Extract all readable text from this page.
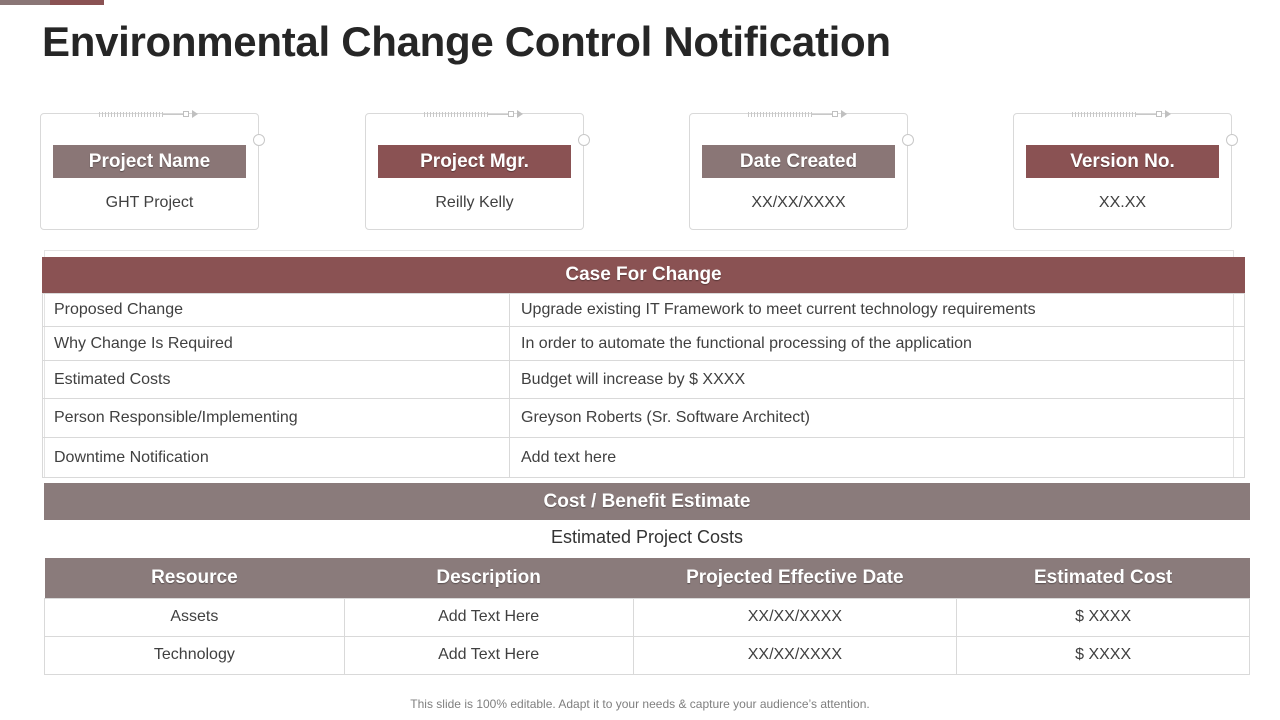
Environmental Change Control Notification
Project Name
GHT Project
Project Mgr.
Reilly Kelly
Date Created
XX/XX/XXXX
Version No.
XX.XX
Case For Change
Proposed Change	Upgrade existing IT Framework to meet current technology requirements
Why Change Is Required	In order to automate the functional processing of the application
Estimated Costs	Budget will increase by $ XXXX
Person Responsible/Implementing	Greyson Roberts (Sr. Software Architect)
Downtime Notification	Add text here
Cost / Benefit Estimate
Estimated Project Costs
Resource	Description	Projected Effective Date	Estimated Cost
Assets	Add Text Here	XX/XX/XXXX	$ XXXX
Technology	Add Text Here	XX/XX/XXXX	$ XXXX
This slide is 100% editable. Adapt it to your needs & capture your audience’s attention.
